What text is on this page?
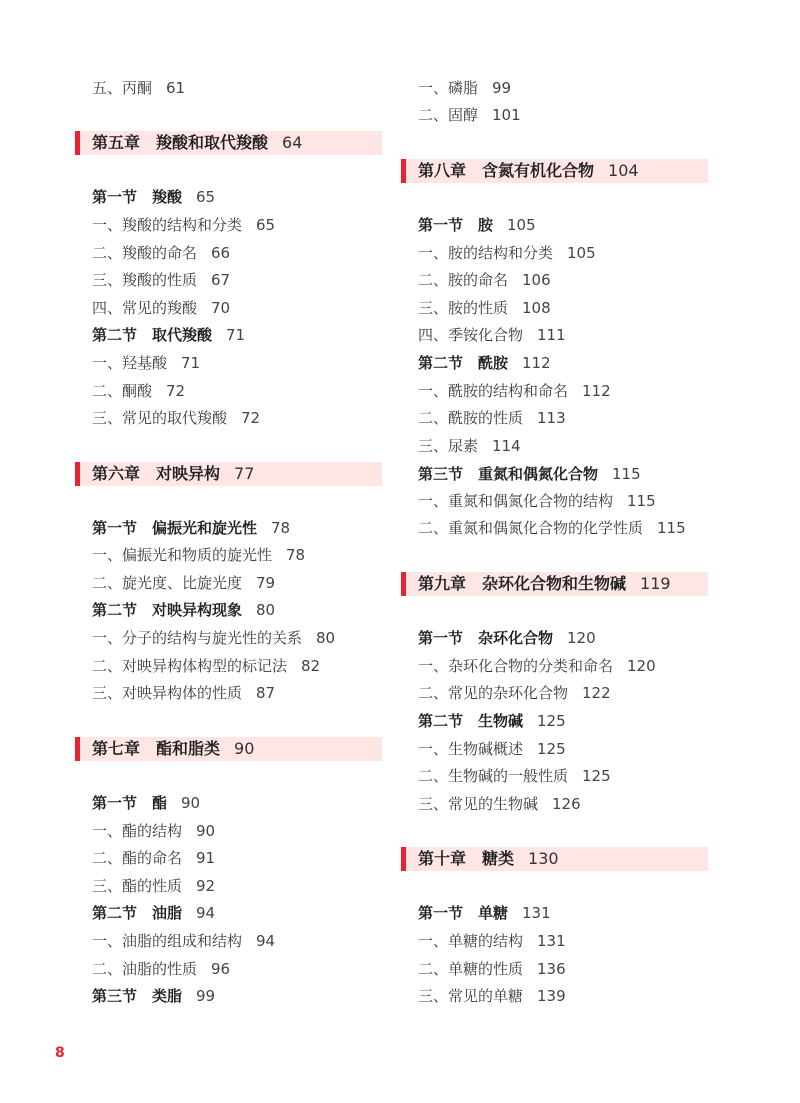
五、丙酮 61
第五章 羧酸和取代羧酸 64
第一节　羧酸 65
一、羧酸的结构和分类 65
二、羧酸的命名 66
三、羧酸的性质 67
四、常见的羧酸 70
第二节　取代羧酸 71
一、羟基酸 71
二、酮酸 72
三、常见的取代羧酸 72
第六章 对映异构 77
第一节　偏振光和旋光性 78
一、偏振光和物质的旋光性 78
二、旋光度、比旋光度 79
第二节　对映异构现象 80
一、分子的结构与旋光性的关系 80
二、对映异构体构型的标记法 82
三、对映异构体的性质 87
第七章 酯和脂类 90
第一节　酯 90
一、酯的结构 90
二、酯的命名 91
三、酯的性质 92
第二节　油脂 94
一、油脂的组成和结构 94
二、油脂的性质 96
第三节　类脂 99
一、磷脂 99
二、固醇 101
第八章 含氮有机化合物 104
第一节　胺 105
一、胺的结构和分类 105
二、胺的命名 106
三、胺的性质 108
四、季铵化合物 111
第二节　酰胺 112
一、酰胺的结构和命名 112
二、酰胺的性质 113
三、尿素 114
第三节　重氮和偶氮化合物 115
一、重氮和偶氮化合物的结构 115
二、重氮和偶氮化合物的化学性质 115
第九章 杂环化合物和生物碱 119
第一节　杂环化合物 120
一、杂环化合物的分类和命名 120
二、常见的杂环化合物 122
第二节　生物碱 125
一、生物碱概述 125
二、生物碱的一般性质 125
三、常见的生物碱 126
第十章 糖类 130
第一节　单糖 131
一、单糖的结构 131
二、单糖的性质 136
三、常见的单糖 139
8
